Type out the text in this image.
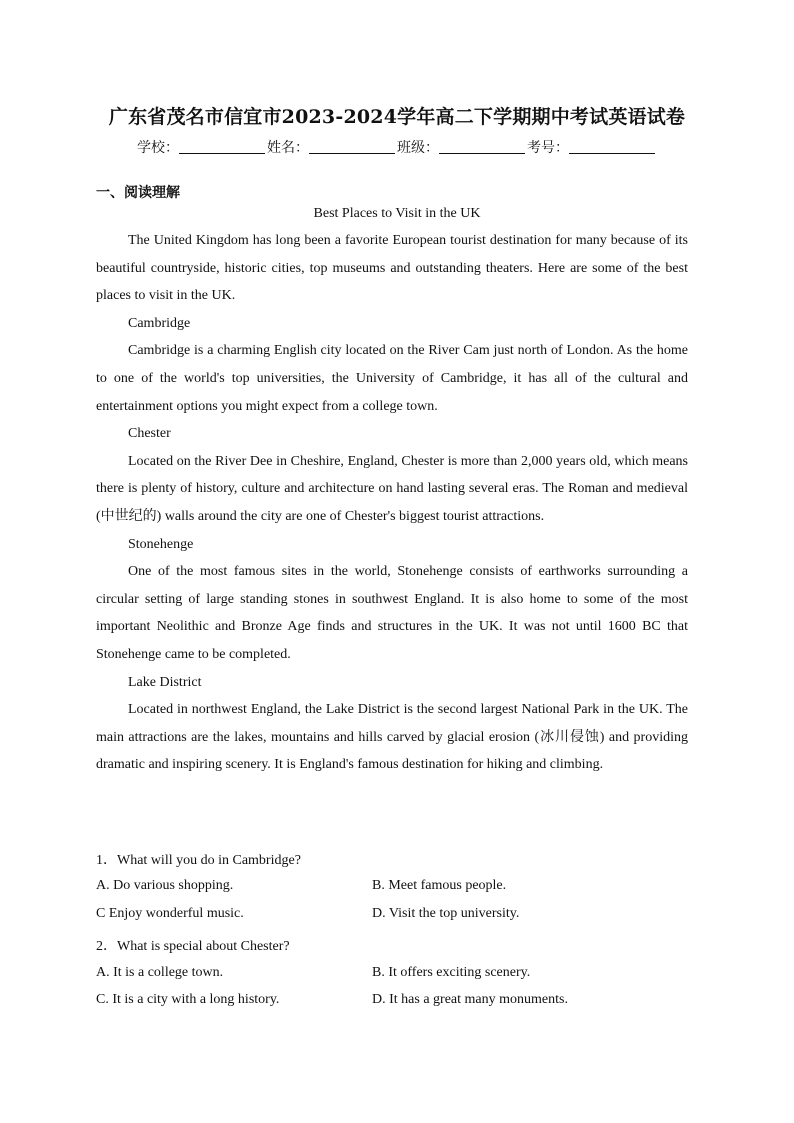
广东省茂名市信宜市2023-2024学年高二下学期期中考试英语试卷
学校：	姓名：	班级：	考号：
一、阅读理解
Best Places to Visit in the UK

The United Kingdom has long been a favorite European tourist destination for many because of its beautiful countryside, historic cities, top museums and outstanding theaters. Here are some of the best places to visit in the UK.

Cambridge

Cambridge is a charming English city located on the River Cam just north of London. As the home to one of the world's top universities, the University of Cambridge, it has all of the cultural and entertainment options you might expect from a college town.

Chester

Located on the River Dee in Cheshire, England, Chester is more than 2,000 years old, which means there is plenty of history, culture and architecture on hand lasting several eras. The Roman and medieval (中世纪的) walls around the city are one of Chester's biggest tourist attractions.

Stonehenge

One of the most famous sites in the world, Stonehenge consists of earthworks surrounding a circular setting of large standing stones in southwest England. It is also home to some of the most important Neolithic and Bronze Age finds and structures in the UK. It was not until 1600 BC that Stonehenge came to be completed.

Lake District

Located in northwest England, the Lake District is the second largest National Park in the UK. The main attractions are the lakes, mountains and hills carved by glacial erosion (冰川侵蚀) and providing dramatic and inspiring scenery. It is England's famous destination for hiking and climbing.

1．What will you do in Cambridge?
A. Do various shopping.	B. Meet famous people.
C Enjoy wonderful music.	D. Visit the top university.
2．What is special about Chester?
A. It is a college town.	B. It offers exciting scenery.
C. It is a city with a long history.	D. It has a great many monuments.
